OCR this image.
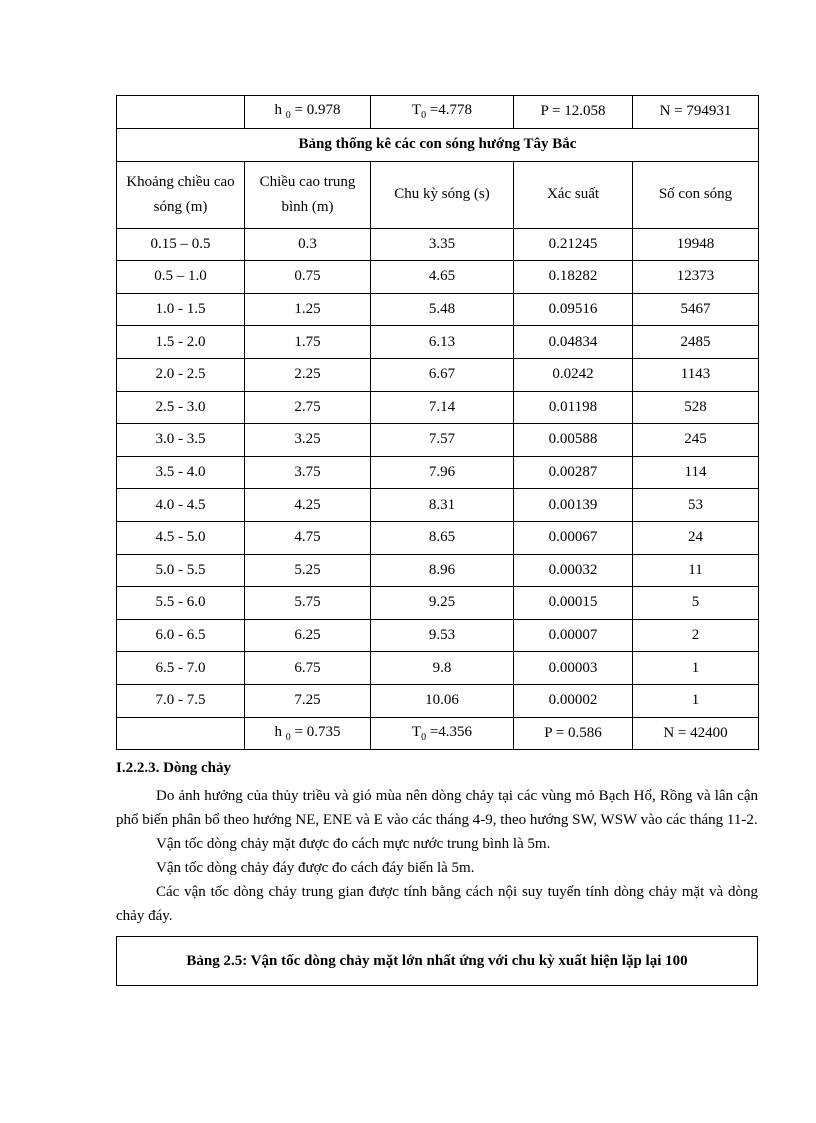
	h $_0$ = 0.978	$T_0 =4.778$	P = 12.058	N = 794931
Bảng thống kê các con sóng hướng Tây Bắc				
Khoảng chiều cao sóng (m)	Chiều cao trung bình (m)	Chu kỳ sóng (s)	Xác suất	Số con sóng
0.15 – 0.5	0.3	3.35	0.21245	19948
0.5 – 1.0	0.75	4.65	0.18282	12373
1.0 - 1.5	1.25	5.48	0.09516	5467
1.5 - 2.0	1.75	6.13	0.04834	2485
2.0 - 2.5	2.25	6.67	0.0242	1143
2.5 - 3.0	2.75	7.14	0.01198	528
3.0 - 3.5	3.25	7.57	0.00588	245
3.5 - 4.0	3.75	7.96	0.00287	114
4.0 - 4.5	4.25	8.31	0.00139	53
4.5 - 5.0	4.75	8.65	0.00067	24
5.0 - 5.5	5.25	8.96	0.00032	11
5.5 - 6.0	5.75	9.25	0.00015	5
6.0 - 6.5	6.25	9.53	0.00007	2
6.5 - 7.0	6.75	9.8	0.00003	1
7.0 - 7.5	7.25	10.06	0.00002	1
	h $_0$ = 0.735	$T_0 =4.356$	P = 0.586	N = 42400
I.2.2.3. Dòng chảy

Do ảnh hưởng của thủy triều và gió mùa nên dòng chảy tại các vùng mỏ Bạch Hổ, Rồng và lân cận phổ biến phân bổ theo hướng NE, ENE và E vào các tháng 4-9, theo hướng SW, WSW vào các tháng 11-2.

Vận tốc dòng chảy mặt được đo cách mực nước trung bình là 5m.

Vận tốc dòng chảy đáy được đo cách đáy biển là 5m.

Các vận tốc dòng chảy trung gian được tính bằng cách nội suy tuyến tính dòng chảy mặt và dòng chảy đáy.

Bảng 2.5: Vận tốc dòng chảy mặt lớn nhất ứng với chu kỳ xuất hiện lặp lại 100
